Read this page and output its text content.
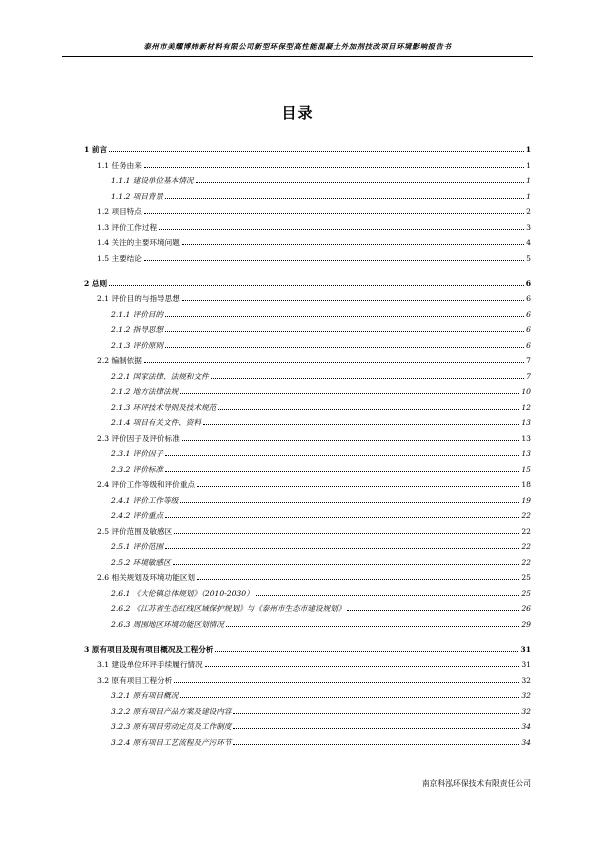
泰州市美耀博炜新材料有限公司新型环保型高性能混凝土外加剂技改项目环境影响报告书
目录
1 前言	1
1.1 任务由来	1
1.1.1 建设单位基本情况	1
1.1.2 项目背景	1
1.2 项目特点	2
1.3 评价工作过程	3
1.4 关注的主要环境问题	4
1.5 主要结论	5
2 总则	6
2.1 评价目的与指导思想	6
2.1.1 评价目的	6
2.1.2 指导思想	6
2.1.3 评价原则	6
2.2 编制依据	7
2.2.1 国家法律、法规和文件	7
2.1.2 地方法律法规	10
2.1.3 环评技术导则及技术规范	12
2.1.4 项目有关文件、资料	13
2.3 评价因子及评价标准	13
2.3.1 评价因子	13
2.3.2 评价标准	15
2.4 评价工作等级和评价重点	18
2.4.1 评价工作等级	19
2.4.2 评价重点	22
2.5 评价范围及敏感区	22
2.5.1 评价范围	22
2.5.2 环境敏感区	22
2.6 相关规划及环境功能区划	25
2.6.1 《大伦镇总体规划》（2010-2030）	25
2.6.2 《江苏省生态红线区域保护规划》与《泰州市生态市建设规划》	26
2.6.3 周围地区环境功能区划情况	29
3 原有项目及现有项目概况及工程分析	31
3.1 建设单位环评手续履行情况	31
3.2 原有项目工程分析	32
3.2.1 原有项目概况	32
3.2.2 原有项目产品方案及建设内容	32
3.2.3 原有项目劳动定员及工作制度	34
3.2.4 原有项目工艺流程及产污环节	34
南京科泓环保技术有限责任公司
